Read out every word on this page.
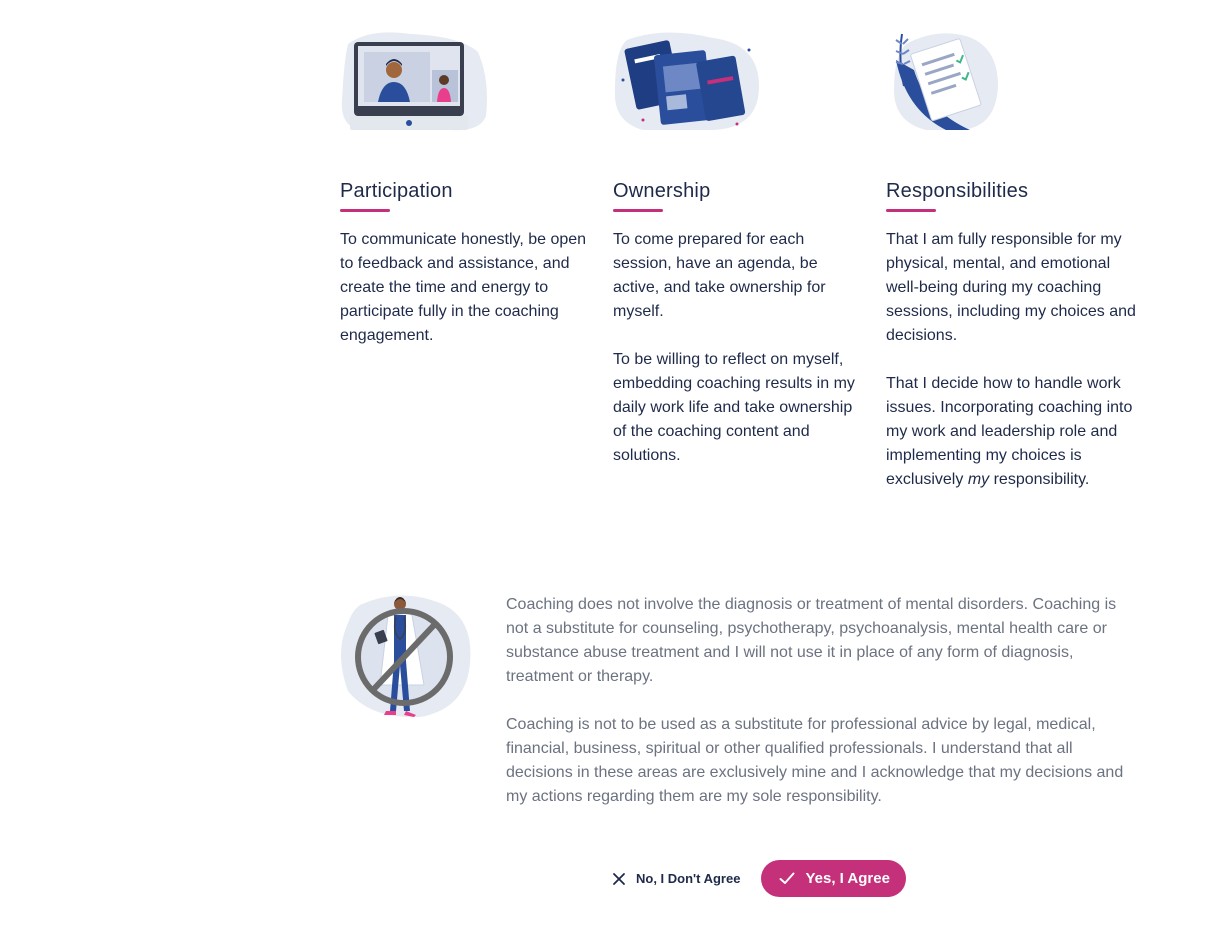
Participation

To communicate honestly, be open to feedback and assistance, and create the time and energy to participate fully in the coaching engagement.

Ownership

To come prepared for each session, have an agenda, be active, and take ownership for myself.

To be willing to reflect on myself, embedding coaching results in my daily work life and take ownership of the coaching content and solutions.

Responsibilities

That I am fully responsible for my physical, mental, and emotional well-being during my coaching sessions, including my choices and decisions.

That I decide how to handle work issues. Incorporating coaching into my work and leadership role and implementing my choices is exclusively my responsibility.

Coaching does not involve the diagnosis or treatment of mental disorders. Coaching is not a substitute for counseling, psychotherapy, psychoanalysis, mental health care or substance abuse treatment and I will not use it in place of any form of diagnosis, treatment or therapy.

Coaching is not to be used as a substitute for professional advice by legal, medical, financial, business, spiritual or other qualified professionals. I understand that all decisions in these areas are exclusively mine and I acknowledge that my decisions and my actions regarding them are my sole responsibility.

No, I Don't Agree	Yes, I Agree
